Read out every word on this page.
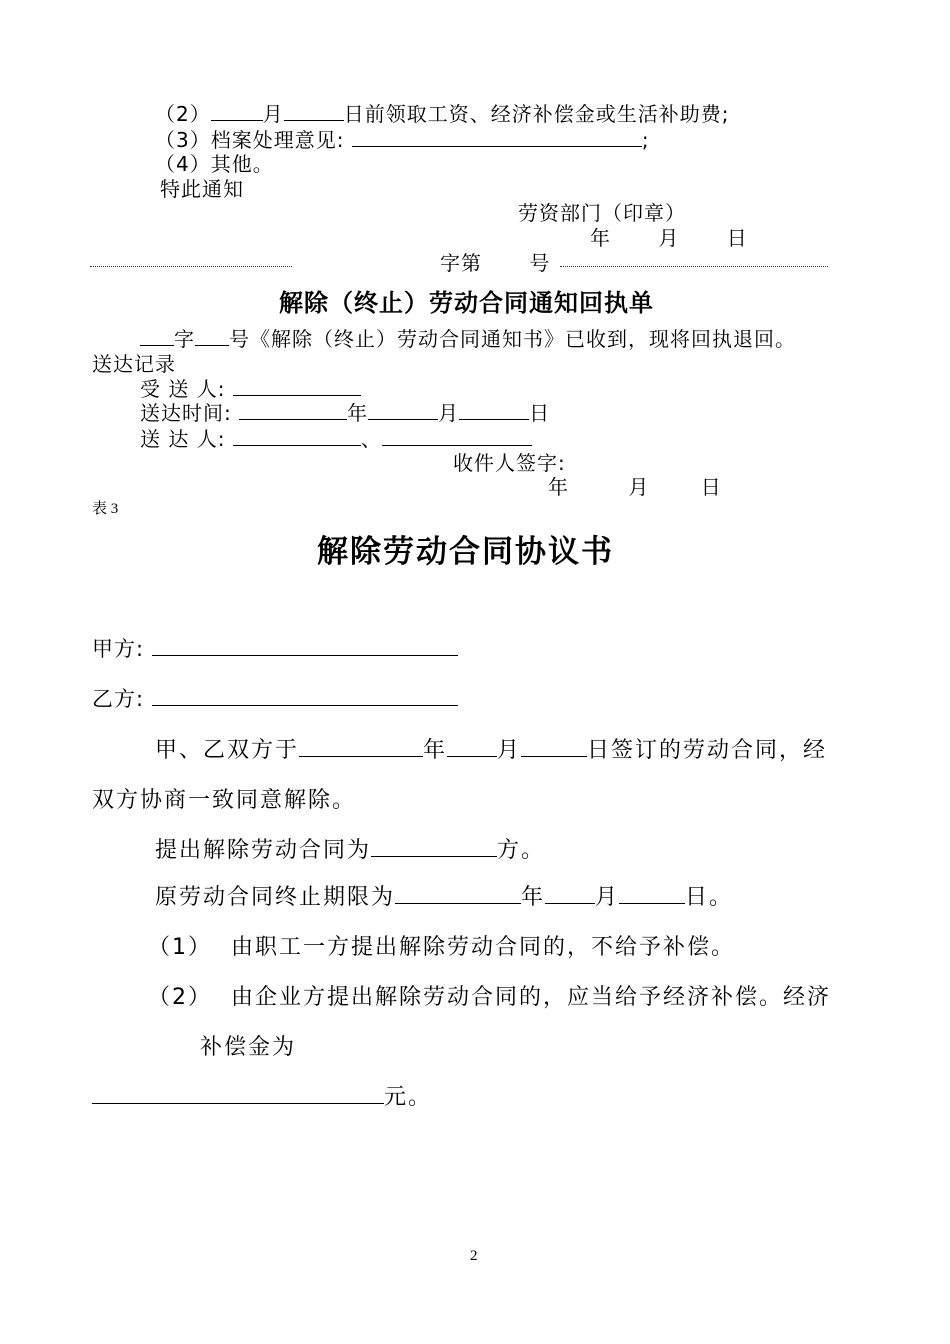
（2）	月	日前领取工资、经济补偿金或生活补助费;
（3）档案处理意见:	;
（4）其他。
特此通知
劳资部门（印章）
年 月 日
字第 号
解除（终止）劳动合同通知回执单
字 号《解除（终止）劳动合同通知书》已收到，现将回执退回。
送达记录
受 送 人:
送达时间:	年	月	日
送 达 人:	、
收件人签字:
年	月	日
表 3
解除劳动合同协议书
甲方:
乙方:
甲、乙双方于	年 月	日签订的劳动合同，经
双方协商一致同意解除。
提出解除劳动合同为	方。
原劳动合同终止期限为	年 月	日。
（1） 由职工一方提出解除劳动合同的，不给予补偿。
（2） 由企业方提出解除劳动合同的，应当给予经济补偿。经济
补偿金为
元。
2
